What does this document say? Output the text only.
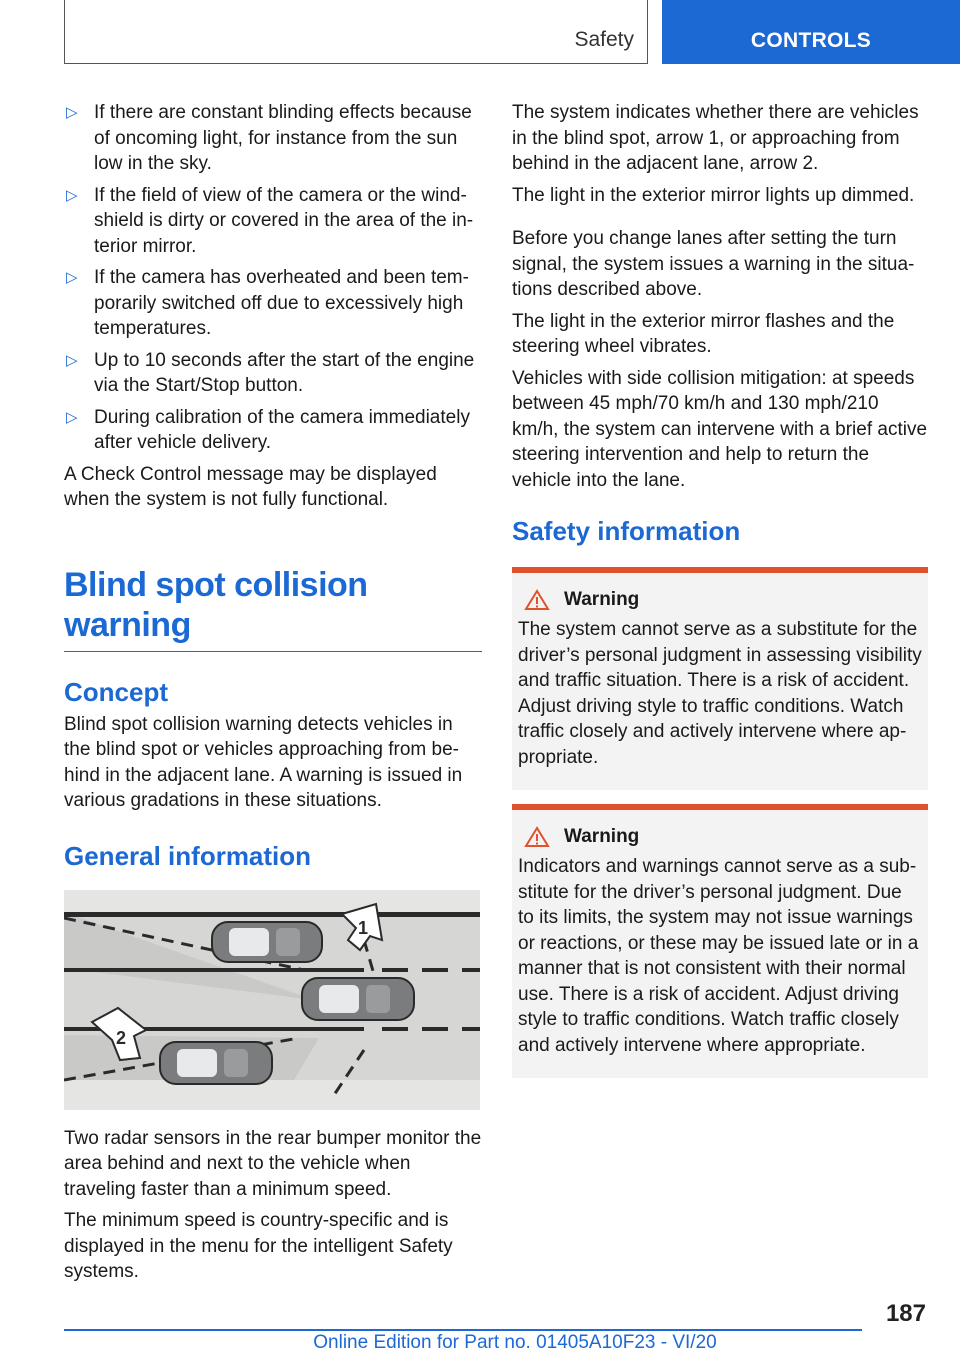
Safety	CONTROLS
▷ If there are constant blinding effects because of oncoming light, for instance from the sun low in the sky.
▷ If the field of view of the camera or the wind‐shield is dirty or covered in the area of the in‐terior mirror.
▷ If the camera has overheated and been tem‐porarily switched off due to excessively high temperatures.
▷ Up to 10 seconds after the start of the engine via the Start/Stop button.
▷ During calibration of the camera immediately after vehicle delivery.

A Check Control message may be displayed when the system is not fully functional.

Blind spot collision warning
Concept

Blind spot collision warning detects vehicles in the blind spot or vehicles approaching from be‐hind in the adjacent lane. A warning is issued in various gradations in these situations.

General information
1
2

Two radar sensors in the rear bumper monitor the area behind and next to the vehicle when traveling faster than a minimum speed.

The minimum speed is country-specific and is displayed in the menu for the intelligent Safety systems.

The system indicates whether there are vehicles in the blind spot, arrow 1, or approaching from behind in the adjacent lane, arrow 2.

The light in the exterior mirror lights up dimmed.

Before you change lanes after setting the turn signal, the system issues a warning in the situa‐tions described above.

The light in the exterior mirror flashes and the steering wheel vibrates.

Vehicles with side collision mitigation: at speeds between 45 mph/70 km/h and 130 mph/210 km/h, the system can intervene with a brief active steering intervention and help to return the vehicle into the lane.

Safety information
Warning

The system cannot serve as a substitute for the driver’s personal judgment in assessing visibility and traffic situation. There is a risk of accident. Adjust driving style to traffic conditions. Watch traffic closely and actively intervene where ap‐propriate.

Warning

Indicators and warnings cannot serve as a sub‐stitute for the driver’s personal judgment. Due to its limits, the system may not issue warnings or reactions, or these may be issued late or in a manner that is not consistent with their normal use. There is a risk of accident. Adjust driving style to traffic conditions. Watch traffic closely and actively intervene where appropriate.

187
Online Edition for Part no. 01405A10F23 - VI/20
